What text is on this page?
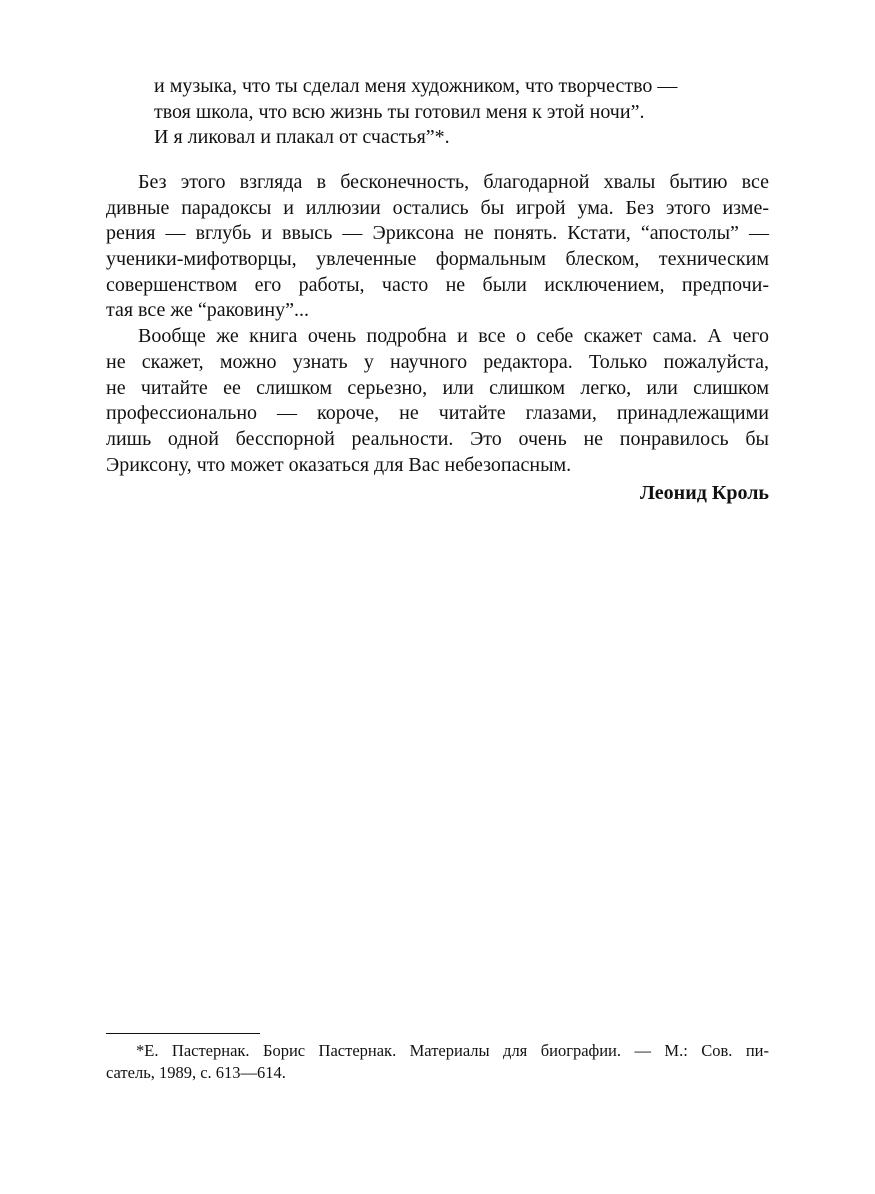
и музыка, что ты сделал меня художником, что творчество —
твоя школа, что всю жизнь ты готовил меня к этой ночи”.
И я ликовал и плакал от счастья”*.
Без этого взгляда в бесконечность, благодарной хвалы бытию все
дивные парадоксы и иллюзии остались бы игрой ума. Без этого изме-
рения — вглубь и ввысь — Эриксона не понять. Кстати, “апостолы” —
ученики-мифотворцы, увлеченные формальным блеском, техническим
совершенством его работы, часто не были исключением, предпочи-
тая все же “раковину”...
Вообще же книга очень подробна и все о себе скажет сама. А чего
не скажет, можно узнать у научного редактора. Только пожалуйста,
не читайте ее слишком серьезно, или слишком легко, или слишком
профессионально — короче, не читайте глазами, принадлежащими
лишь одной бесспорной реальности. Это очень не понравилось бы
Эриксону, что может оказаться для Вас небезопасным.
Леонид Кроль
*Е. Пастернак. Борис Пастернак. Материалы для биографии. — М.: Сов. пи-
сатель, 1989, с. 613—614.
